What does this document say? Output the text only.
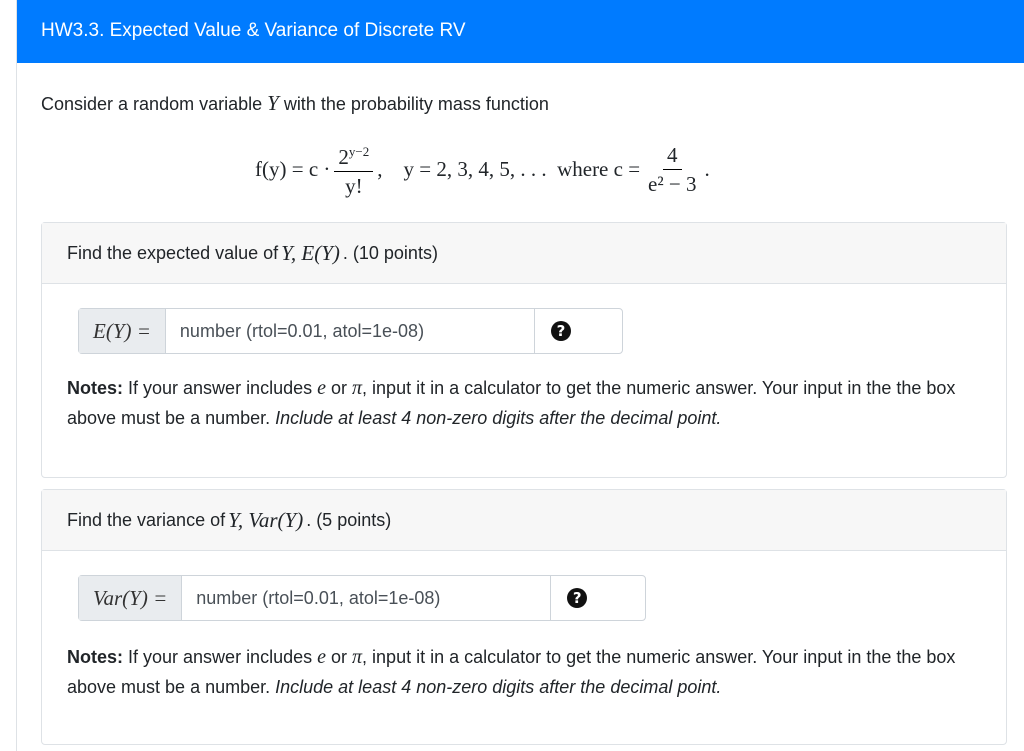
HW3.3. Expected Value & Variance of Discrete RV
Consider a random variable Y with the probability mass function
$f(y) = c \cdot \frac{2^{y-2}}{y!}$ ,    y = 2, 3, 4, 5, . . .  where $c = \frac{4}{\text{e² − 3}}$ .
Find the expected value of Y, E(Y) . (10 points)
E(Y) =
number (rtol=0.01, atol=1e-08)	?
Notes: If your answer includes e or π, input it in a calculator to get the numeric answer. Your input in the the box above must be a number. Include at least 4 non-zero digits after the decimal point.
Find the variance of Y, Var(Y) . (5 points)
Var(Y) =
number (rtol=0.01, atol=1e-08)	?
Notes: If your answer includes e or π, input it in a calculator to get the numeric answer. Your input in the the box above must be a number. Include at least 4 non-zero digits after the decimal point.
